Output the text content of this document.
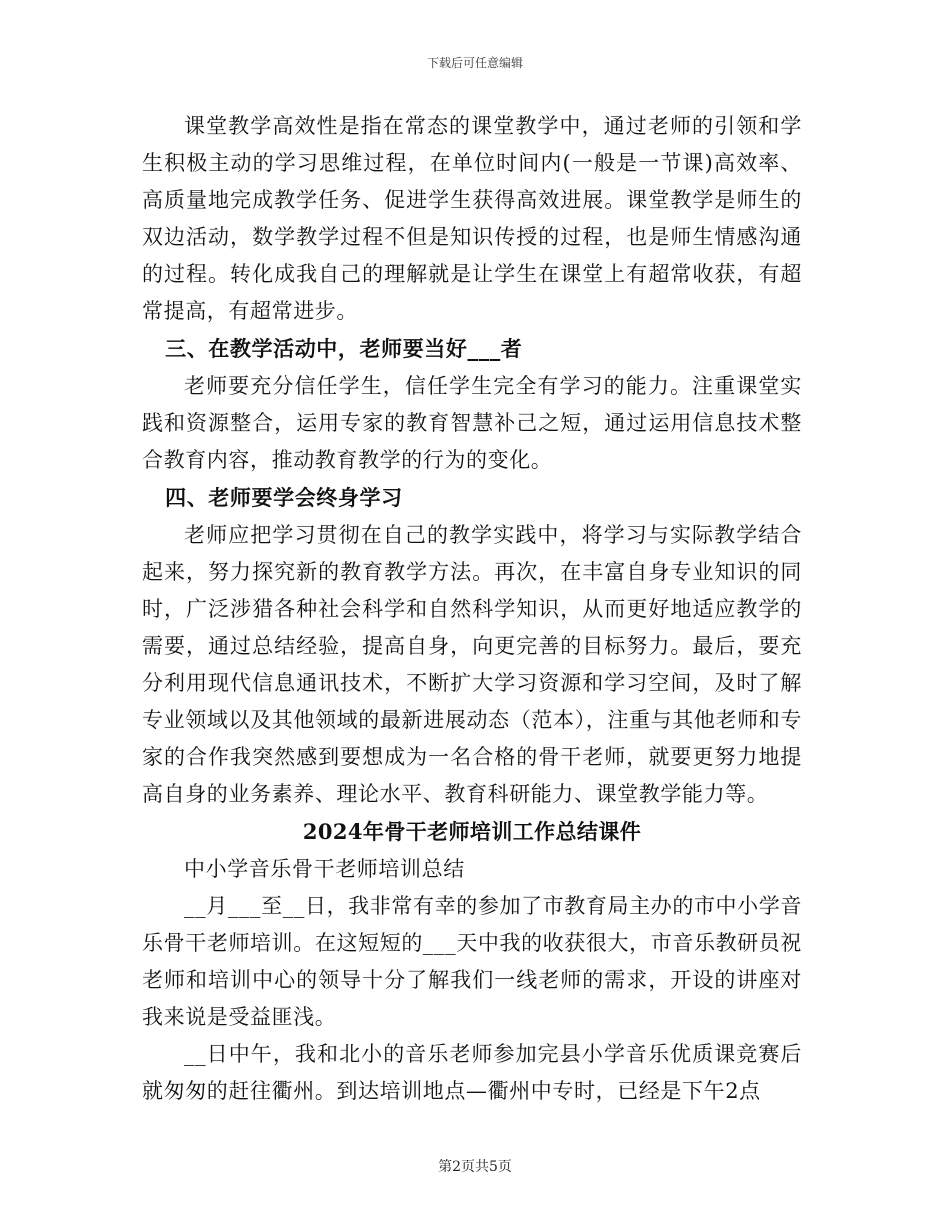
下载后可任意编辑

课堂教学高效性是指在常态的课堂教学中，通过老师的引领和学生积极主动的学习思维过程，在单位时间内(一般是一节课)高效率、高质量地完成教学任务、促进学生获得高效进展。课堂教学是师生的双边活动，数学教学过程不但是知识传授的过程，也是师生情感沟通的过程。转化成我自己的理解就是让学生在课堂上有超常收获，有超常提高，有超常进步。

三、在教学活动中，老师要当好___者

老师要充分信任学生，信任学生完全有学习的能力。注重课堂实践和资源整合，运用专家的教育智慧补己之短，通过运用信息技术整合教育内容，推动教育教学的行为的变化。

四、老师要学会终身学习

老师应把学习贯彻在自己的教学实践中，将学习与实际教学结合起来，努力探究新的教育教学方法。再次，在丰富自身专业知识的同时，广泛涉猎各种社会科学和自然科学知识，从而更好地适应教学的需要，通过总结经验，提高自身，向更完善的目标努力。最后，要充分利用现代信息通讯技术，不断扩大学习资源和学习空间，及时了解专业领域以及其他领域的最新进展动态（范本），注重与其他老师和专家的合作我突然感到要想成为一名合格的骨干老师，就要更努力地提高自身的业务素养、理论水平、教育科研能力、课堂教学能力等。

2024年骨干老师培训工作总结课件

中小学音乐骨干老师培训总结

__月___至__日，我非常有幸的参加了市教育局主办的市中小学音乐骨干老师培训。在这短短的___天中我的收获很大，市音乐教研员祝老师和培训中心的领导十分了解我们一线老师的需求，开设的讲座对我来说是受益匪浅。

__日中午，我和北小的音乐老师参加完县小学音乐优质课竞赛后就匆匆的赶往衢州。到达培训地点—衢州中专时，已经是下午2点

第2页共5页
